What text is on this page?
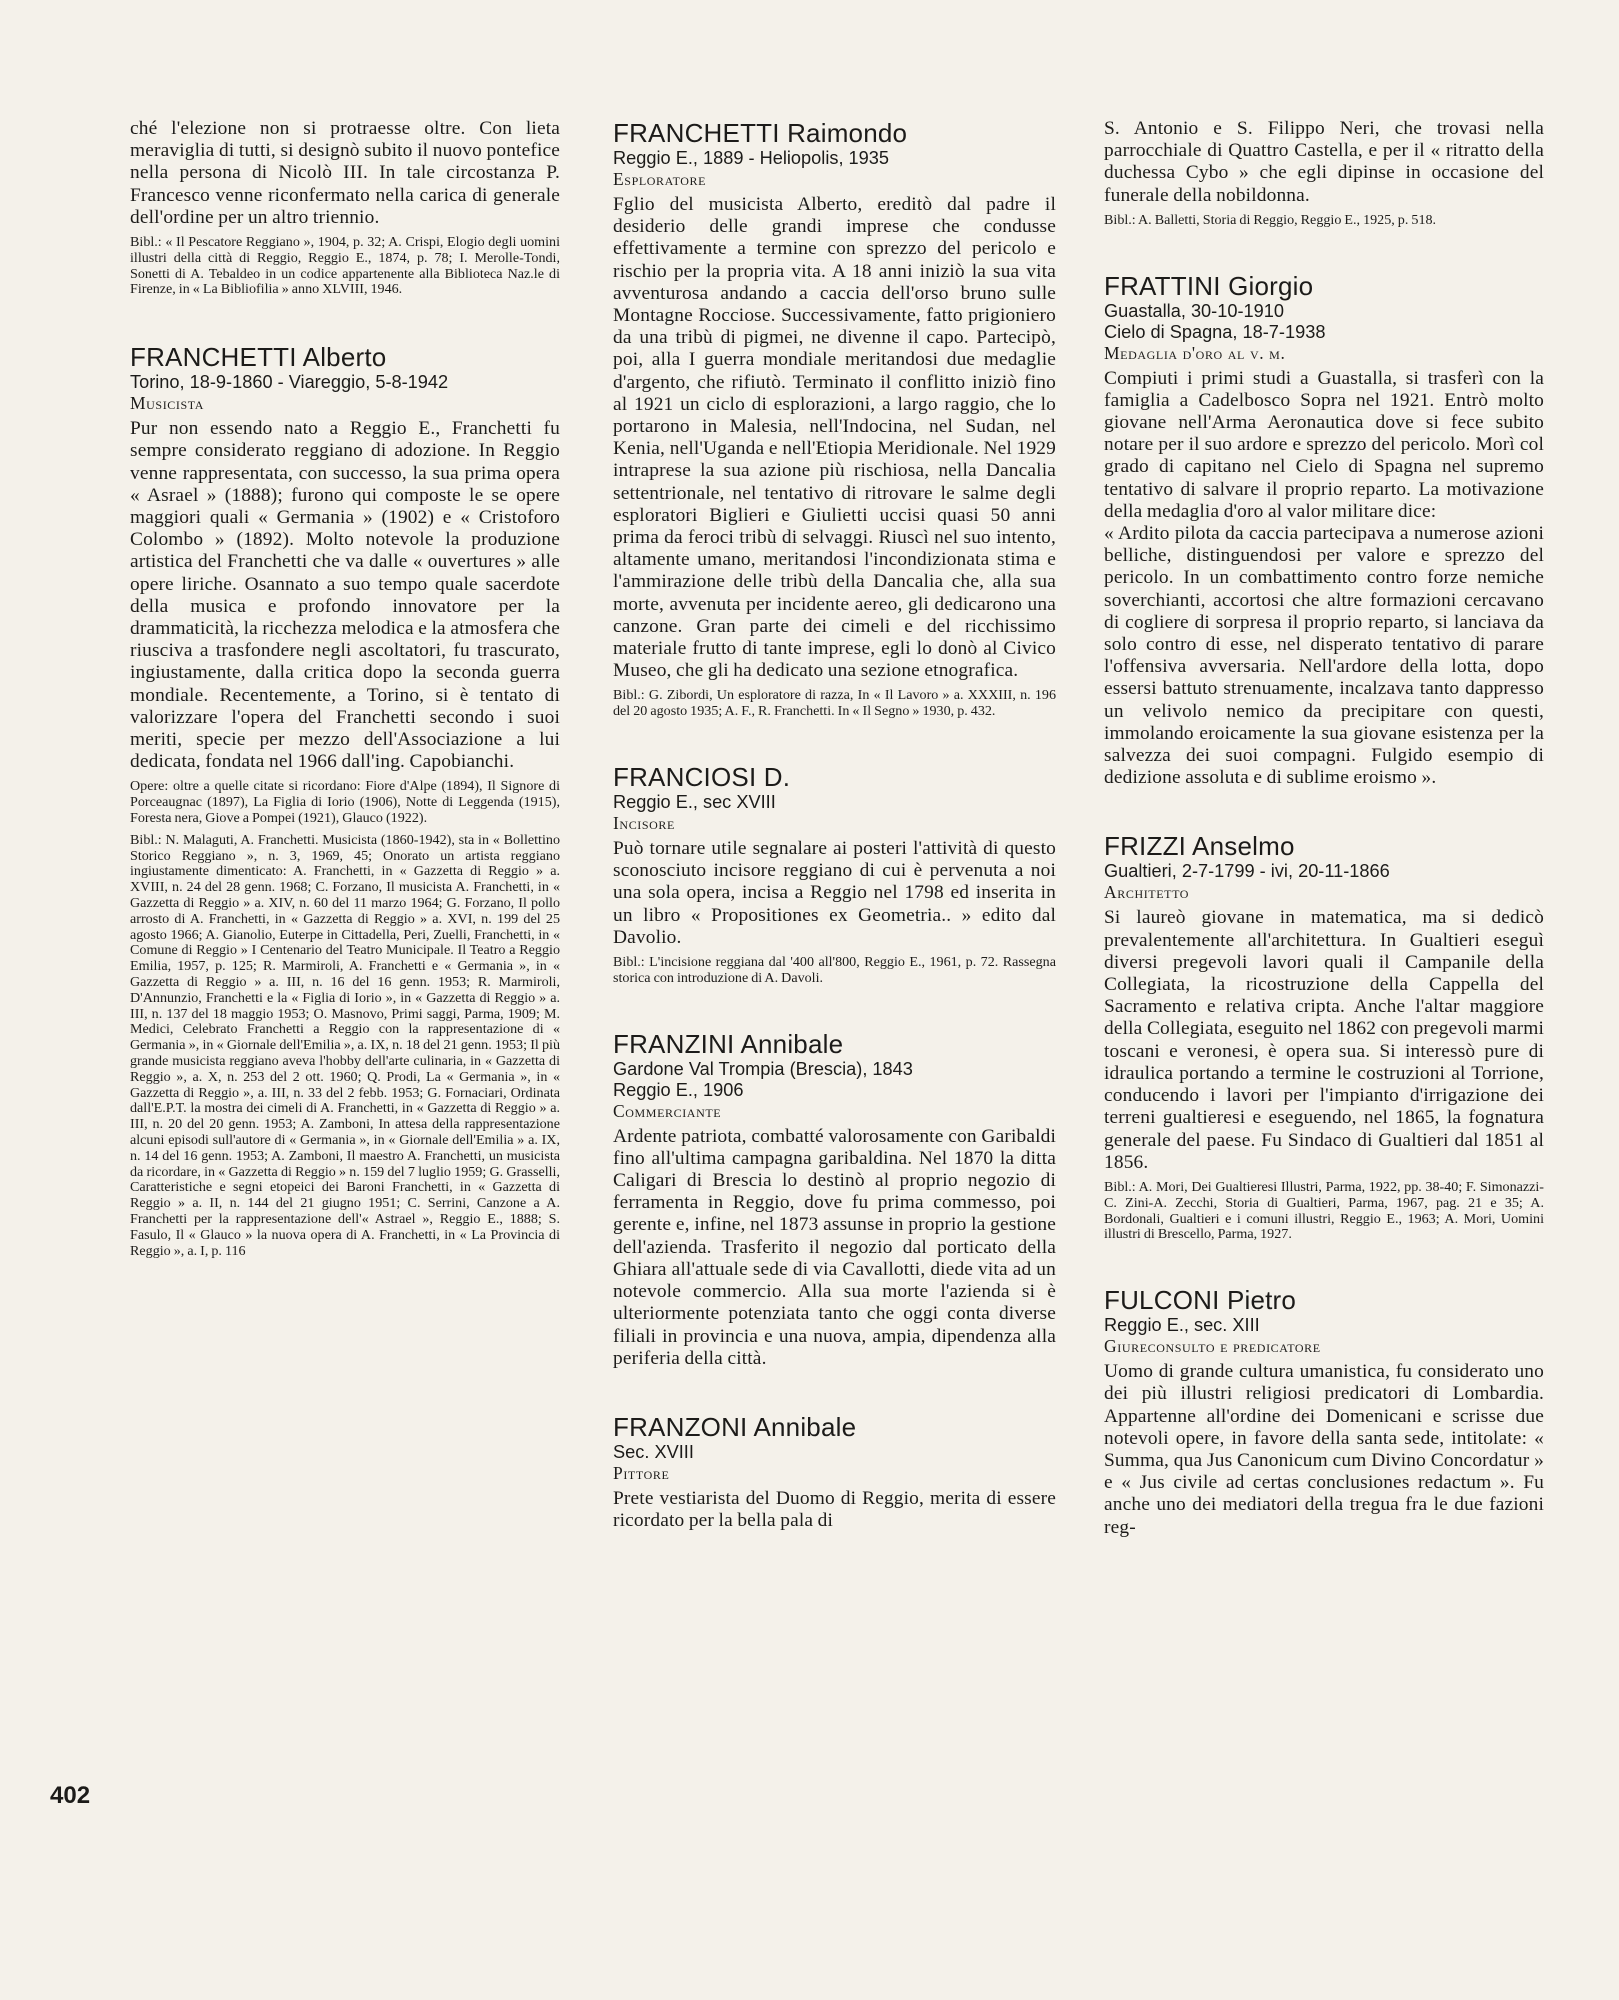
402

ché l'elezione non si protraesse oltre. Con lieta meraviglia di tutti, si designò subito il nuovo pontefice nella persona di Nicolò III. In tale circostanza P. Francesco venne riconfermato nella carica di generale dell'ordine per un altro triennio.

Bibl.: « Il Pescatore Reggiano », 1904, p. 32; A. Crispi, Elogio degli uomini illustri della città di Reggio, Reggio E., 1874, p. 78; I. Merolle-Tondi, Sonetti di A. Tebaldeo in un codice appartenente alla Biblioteca Naz.le di Firenze, in « La Bibliofilia » anno XLVIII, 1946.

FRANCHETTI Alberto

Torino, 18-9-1860 - Viareggio, 5-8-1942

Musicista

Pur non essendo nato a Reggio E., Franchetti fu sempre considerato reggiano di adozione. In Reggio venne rappresentata, con successo, la sua prima opera « Asrael » (1888); furono qui composte le se opere maggiori quali « Germania » (1902) e « Cristoforo Colombo » (1892). Molto notevole la produzione artistica del Franchetti che va dalle « ouvertures » alle opere liriche. Osannato a suo tempo quale sacerdote della musica e profondo innovatore per la drammaticità, la ricchezza melodica e la atmosfera che riusciva a trasfondere negli ascoltatori, fu trascurato, ingiustamente, dalla critica dopo la seconda guerra mondiale. Recentemente, a Torino, si è tentato di valorizzare l'opera del Franchetti secondo i suoi meriti, specie per mezzo dell'Associazione a lui dedicata, fondata nel 1966 dall'ing. Capobianchi.

Opere: oltre a quelle citate si ricordano: Fiore d'Alpe (1894), Il Signore di Porceaugnac (1897), La Figlia di Iorio (1906), Notte di Leggenda (1915), Foresta nera, Giove a Pompei (1921), Glauco (1922).

Bibl.: N. Malaguti, A. Franchetti. Musicista (1860-1942), sta in « Bollettino Storico Reggiano », n. 3, 1969, 45; Onorato un artista reggiano ingiustamente dimenticato: A. Franchetti, in « Gazzetta di Reggio » a. XVIII, n. 24 del 28 genn. 1968; C. Forzano, Il musicista A. Franchetti, in « Gazzetta di Reggio » a. XIV, n. 60 del 11 marzo 1964; G. Forzano, Il pollo arrosto di A. Franchetti, in « Gazzetta di Reggio » a. XVI, n. 199 del 25 agosto 1966; A. Gianolio, Euterpe in Cittadella, Peri, Zuelli, Franchetti, in « Comune di Reggio » I Centenario del Teatro Municipale. Il Teatro a Reggio Emilia, 1957, p. 125; R. Marmiroli, A. Franchetti e « Germania », in « Gazzetta di Reggio » a. III, n. 16 del 16 genn. 1953; R. Marmiroli, D'Annunzio, Franchetti e la « Figlia di Iorio », in « Gazzetta di Reggio » a. III, n. 137 del 18 maggio 1953; O. Masnovo, Primi saggi, Parma, 1909; M. Medici, Celebrato Franchetti a Reggio con la rappresentazione di « Germania », in « Giornale dell'Emilia », a. IX, n. 18 del 21 genn. 1953; Il più grande musicista reggiano aveva l'hobby dell'arte culinaria, in « Gazzetta di Reggio », a. X, n. 253 del 2 ott. 1960; Q. Prodi, La « Germania », in « Gazzetta di Reggio », a. III, n. 33 del 2 febb. 1953; G. Fornaciari, Ordinata dall'E.P.T. la mostra dei cimeli di A. Franchetti, in « Gazzetta di Reggio » a. III, n. 20 del 20 genn. 1953; A. Zamboni, In attesa della rappresentazione alcuni episodi sull'autore di « Germania », in « Giornale dell'Emilia » a. IX, n. 14 del 16 genn. 1953; A. Zamboni, Il maestro A. Franchetti, un musicista da ricordare, in « Gazzetta di Reggio » n. 159 del 7 luglio 1959; G. Grasselli, Caratteristiche e segni etopeici dei Baroni Franchetti, in « Gazzetta di Reggio » a. II, n. 144 del 21 giugno 1951; C. Serrini, Canzone a A. Franchetti per la rappresentazione dell'« Astrael », Reggio E., 1888; S. Fasulo, Il « Glauco » la nuova opera di A. Franchetti, in « La Provincia di Reggio », a. I, p. 116

FRANCHETTI Raimondo

Reggio E., 1889 - Heliopolis, 1935

Esploratore

Fglio del musicista Alberto, ereditò dal padre il desiderio delle grandi imprese che condusse effettivamente a termine con sprezzo del pericolo e rischio per la propria vita. A 18 anni iniziò la sua vita avventurosa andando a caccia dell'orso bruno sulle Montagne Rocciose. Successivamente, fatto prigioniero da una tribù di pigmei, ne divenne il capo. Partecipò, poi, alla I guerra mondiale meritandosi due medaglie d'argento, che rifiutò. Terminato il conflitto iniziò fino al 1921 un ciclo di esplorazioni, a largo raggio, che lo portarono in Malesia, nell'Indocina, nel Sudan, nel Kenia, nell'Uganda e nell'Etiopia Meridionale. Nel 1929 intraprese la sua azione più rischiosa, nella Dancalia settentrionale, nel tentativo di ritrovare le salme degli esploratori Biglieri e Giulietti uccisi quasi 50 anni prima da feroci tribù di selvaggi. Riuscì nel suo intento, altamente umano, meritandosi l'incondizionata stima e l'ammirazione delle tribù della Dancalia che, alla sua morte, avvenuta per incidente aereo, gli dedicarono una canzone. Gran parte dei cimeli e del ricchissimo materiale frutto di tante imprese, egli lo donò al Civico Museo, che gli ha dedicato una sezione etnografica.

Bibl.: G. Zibordi, Un esploratore di razza, In « Il Lavoro » a. XXXIII, n. 196 del 20 agosto 1935; A. F., R. Franchetti. In « Il Segno » 1930, p. 432.

FRANCIOSI D.

Reggio E., sec XVIII

Incisore

Può tornare utile segnalare ai posteri l'attività di questo sconosciuto incisore reggiano di cui è pervenuta a noi una sola opera, incisa a Reggio nel 1798 ed inserita in un libro « Propositiones ex Geometria.. » edito dal Davolio.

Bibl.: L'incisione reggiana dal '400 all'800, Reggio E., 1961, p. 72. Rassegna storica con introduzione di A. Davoli.

FRANZINI Annibale

Gardone Val Trompia (Brescia), 1843

Reggio E., 1906

Commerciante

Ardente patriota, combatté valorosamente con Garibaldi fino all'ultima campagna garibaldina. Nel 1870 la ditta Caligari di Brescia lo destinò al proprio negozio di ferramenta in Reggio, dove fu prima commesso, poi gerente e, infine, nel 1873 assunse in proprio la gestione dell'azienda. Trasferito il negozio dal porticato della Ghiara all'attuale sede di via Cavallotti, diede vita ad un notevole commercio. Alla sua morte l'azienda si è ulteriormente potenziata tanto che oggi conta diverse filiali in provincia e una nuova, ampia, dipendenza alla periferia della città.

FRANZONI Annibale

Sec. XVIII

Pittore

Prete vestiarista del Duomo di Reggio, merita di essere ricordato per la bella pala di

S. Antonio e S. Filippo Neri, che trovasi nella parrocchiale di Quattro Castella, e per il « ritratto della duchessa Cybo » che egli dipinse in occasione del funerale della nobildonna.

Bibl.: A. Balletti, Storia di Reggio, Reggio E., 1925, p. 518.

FRATTINI Giorgio

Guastalla, 30-10-1910

Cielo di Spagna, 18-7-1938

Medaglia d'oro al v. m.

Compiuti i primi studi a Guastalla, si trasferì con la famiglia a Cadelbosco Sopra nel 1921. Entrò molto giovane nell'Arma Aeronautica dove si fece subito notare per il suo ardore e sprezzo del pericolo. Morì col grado di capitano nel Cielo di Spagna nel supremo tentativo di salvare il proprio reparto. La motivazione della medaglia d'oro al valor militare dice:

« Ardito pilota da caccia partecipava a numerose azioni belliche, distinguendosi per valore e sprezzo del pericolo. In un combattimento contro forze nemiche soverchianti, accortosi che altre formazioni cercavano di cogliere di sorpresa il proprio reparto, si lanciava da solo contro di esse, nel disperato tentativo di parare l'offensiva avversaria. Nell'ardore della lotta, dopo essersi battuto strenuamente, incalzava tanto dappresso un velivolo nemico da precipitare con questi, immolando eroicamente la sua giovane esistenza per la salvezza dei suoi compagni. Fulgido esempio di dedizione assoluta e di sublime eroismo ».

FRIZZI Anselmo

Gualtieri, 2-7-1799 - ivi, 20-11-1866

Architetto

Si laureò giovane in matematica, ma si dedicò prevalentemente all'architettura. In Gualtieri eseguì diversi pregevoli lavori quali il Campanile della Collegiata, la ricostruzione della Cappella del Sacramento e relativa cripta. Anche l'altar maggiore della Collegiata, eseguito nel 1862 con pregevoli marmi toscani e veronesi, è opera sua. Si interessò pure di idraulica portando a termine le costruzioni al Torrione, conducendo i lavori per l'impianto d'irrigazione dei terreni gualtieresi e eseguendo, nel 1865, la fognatura generale del paese. Fu Sindaco di Gualtieri dal 1851 al 1856.

Bibl.: A. Mori, Dei Gualtieresi Illustri, Parma, 1922, pp. 38-40; F. Simonazzi-C. Zini-A. Zecchi, Storia di Gualtieri, Parma, 1967, pag. 21 e 35; A. Bordonali, Gualtieri e i comuni illustri, Reggio E., 1963; A. Mori, Uomini illustri di Brescello, Parma, 1927.

FULCONI Pietro

Reggio E., sec. XIII

Giureconsulto e predicatore

Uomo di grande cultura umanistica, fu considerato uno dei più illustri religiosi predicatori di Lombardia. Appartenne all'ordine dei Domenicani e scrisse due notevoli opere, in favore della santa sede, intitolate: « Summa, qua Jus Canonicum cum Divino Concordatur » e « Jus civile ad certas conclusiones redactum ». Fu anche uno dei mediatori della tregua fra le due fazioni reg-
